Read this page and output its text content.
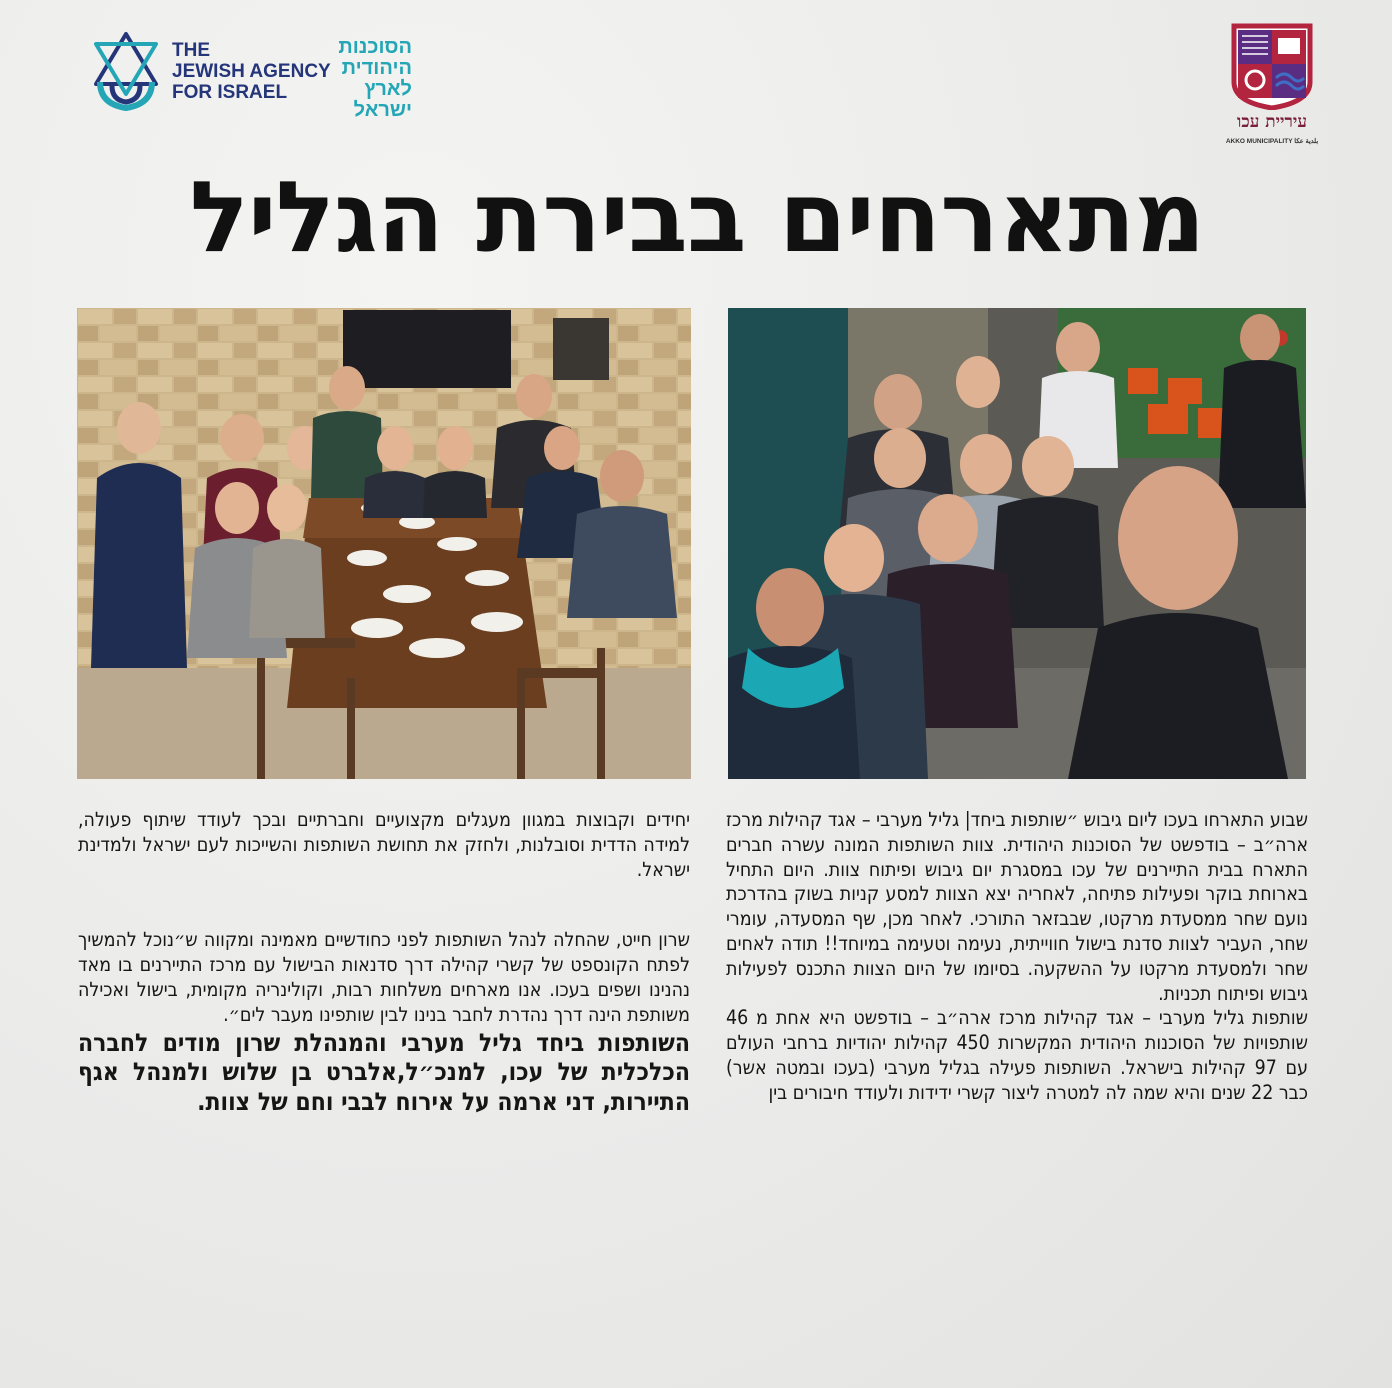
THE
JEWISH AGENCY
FOR ISRAEL
הסוכנות היהודית
לארץ
ישראל
עיריית עכו
AKKO MUNICIPALITY بلدية عكا
מתארחים בבירת הגליל

שבוע התארחו בעכו ליום גיבוש ״שותפות ביחד| גליל מערבי – אגד קהילות מרכז ארה״ב – בודפשט של הסוכנות היהודית. צוות השותפות המונה עשרה חברים התארח בבית התיירנים של עכו במסגרת יום גיבוש ופיתוח צוות. היום התחיל בארוחת בוקר ופעילות פתיחה, לאחריה יצא הצוות למסע קניות בשוק בהדרכת נועם שחר ממסעדת מרקטו, שבבזאר התורכי. לאחר מכן, שף המסעדה, עומרי שחר, העביר לצוות סדנת בישול חווייתית, נעימה וטעימה במיוחד!! תודה לאחים שחר ולמסעדת מרקטו על ההשקעה. בסיומו של היום הצוות התכנס לפעילות גיבוש ופיתוח תכניות.

שותפות גליל מערבי – אגד קהילות מרכז ארה״ב – בודפשט היא אחת מ 46 שותפויות של הסוכנות היהודית המקשרות 450 קהילות יהודיות ברחבי העולם עם 97 קהילות בישראל. השותפות פעילה בגליל מערבי (בעכו ובמטה אשר) כבר 22 שנים והיא שמה לה למטרה ליצור קשרי ידידות ולעודד חיבורים בין

יחידים וקבוצות במגוון מעגלים מקצועיים וחברתיים ובכך לעודד שיתוף פעולה, למידה הדדית וסובלנות, ולחזק את תחושת השותפות והשייכות לעם ישראל ולמדינת ישראל.

שרון חייט, שהחלה לנהל השותפות לפני כחודשיים מאמינה ומקווה ש״נוכל להמשיך לפתח הקונספט של קשרי קהילה דרך סדנאות הבישול עם מרכז התיירנים בו מאד נהנינו ושפים בעכו. אנו מארחים משלחות רבות, וקולינריה מקומית, בישול ואכילה משותפת הינה דרך נהדרת לחבר בנינו לבין שותפינו מעבר לים״.

השותפות ביחד גליל מערבי והמנהלת שרון מודים לחברה הכלכלית של עכו, למנכ״ל,אלברט בן שלוש ולמנהל אגף התיירות, דני ארמה על אירוח לבבי וחם של צוות.
